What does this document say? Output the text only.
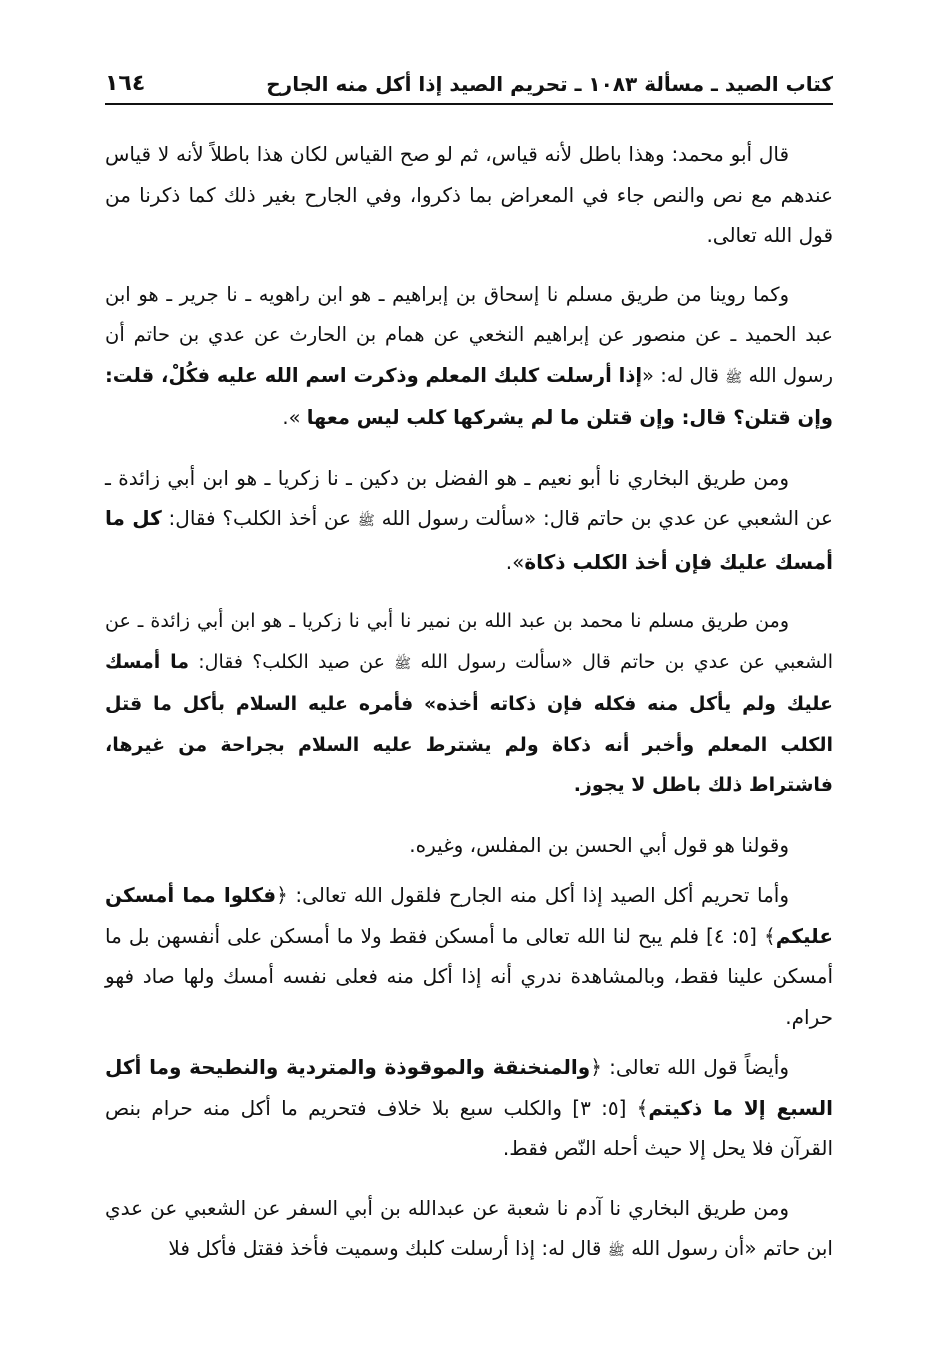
كتاب الصيد ـ مسألة ١٠٨٣ ـ تحريم الصيد إذا أكل منه الجارح
١٦٤

قال أبو محمد: وهذا باطل لأنه قياس، ثم لو صح القياس لكان هذا باطلاً لأنه لا قياس عندهم مع نص والنص جاء في المعراض بما ذكروا، وفي الجارح بغير ذلك كما ذكرنا من قول الله تعالى.

وكما روينا من طريق مسلم نا إسحاق بن إبراهيم ـ هو ابن راهويه ـ نا جرير ـ هو ابن عبد الحميد ـ عن منصور عن إبراهيم النخعي عن همام بن الحارث عن عدي بن حاتم أن رسول الله ﷺ قال له: «إذا أرسلت كلبك المعلم وذكرت اسم الله عليه فكُلْ، قلت: وإن قتلن؟ قال: وإن قتلن ما لم يشركها كلب ليس معها ».

ومن طريق البخاري نا أبو نعيم ـ هو الفضل بن دكين ـ نا زكريا ـ هو ابن أبي زائدة ـ عن الشعبي عن عدي بن حاتم قال: «سألت رسول الله ﷺ عن أخذ الكلب؟ فقال: كل ما أمسك عليك فإن أخذ الكلب ذكاة».

ومن طريق مسلم نا محمد بن عبد الله بن نمير نا أبي نا زكريا ـ هو ابن أبي زائدة ـ عن الشعبي عن عدي بن حاتم قال «سألت رسول الله ﷺ عن صيد الكلب؟ فقال: ما أمسك عليك ولم يأكل منه فكله فإن ذكاته أخذه» فأمره عليه السلام بأكل ما قتل الكلب المعلم وأخبر أنه ذكاة ولم يشترط عليه السلام بجراحة من غيرها، فاشتراط ذلك باطل لا يجوز.

وقولنا هو قول أبي الحسن بن المفلس، وغيره.

وأما تحريم أكل الصيد إذا أكل منه الجارح فلقول الله تعالى: ﴿فكلوا مما أمسكن عليكم﴾ [٥: ٤] فلم يبح لنا الله تعالى ما أمسكن فقط ولا ما أمسكن على أنفسهن بل ما أمسكن علينا فقط، وبالمشاهدة ندري أنه إذا أكل منه فعلى نفسه أمسك ولها صاد فهو حرام.

وأيضاً قول الله تعالى: ﴿والمنخنقة والموقوذة والمتردية والنطيحة وما أكل السبع إلا ما ذكيتم﴾ [٥: ٣] والكلب سبع بلا خلاف فتحريم ما أكل منه حرام بنص القرآن فلا يحل إلا حيث أحله النّص فقط.

ومن طريق البخاري نا آدم نا شعبة عن عبدالله بن أبي السفر عن الشعبي عن عدي ابن حاتم «أن رسول الله ﷺ قال له: إذا أرسلت كلبك وسميت فأخذ فقتل فأكل فلا
